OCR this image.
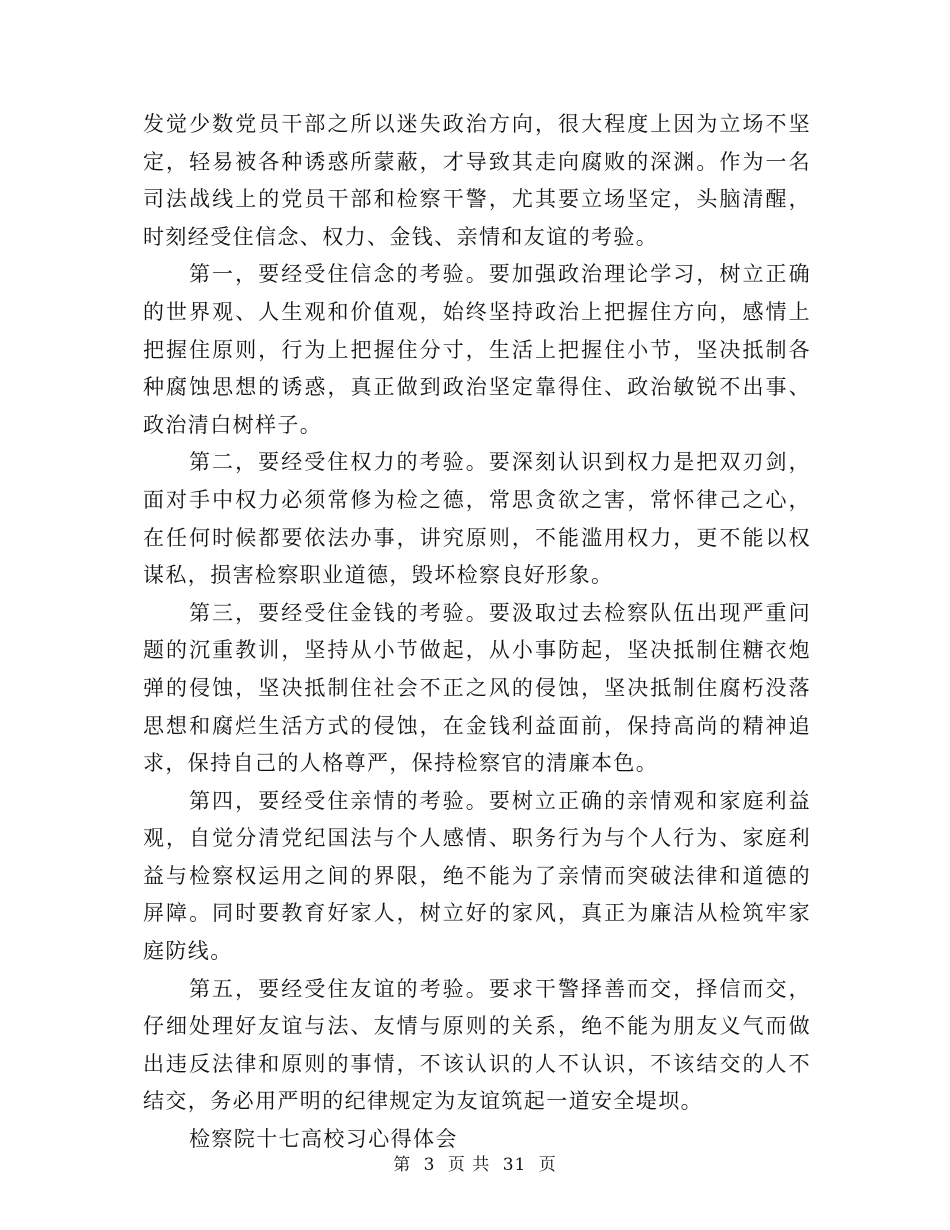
发觉少数党员干部之所以迷失政治方向，很大程度上因为立场不坚定，轻易被各种诱惑所蒙蔽，才导致其走向腐败的深渊。作为一名司法战线上的党员干部和检察干警，尤其要立场坚定，头脑清醒，时刻经受住信念、权力、金钱、亲情和友谊的考验。

第一，要经受住信念的考验。要加强政治理论学习，树立正确的世界观、人生观和价值观，始终坚持政治上把握住方向，感情上把握住原则，行为上把握住分寸，生活上把握住小节，坚决抵制各种腐蚀思想的诱惑，真正做到政治坚定靠得住、政治敏锐不出事、政治清白树样子。

第二，要经受住权力的考验。要深刻认识到权力是把双刃剑，面对手中权力必须常修为检之德，常思贪欲之害，常怀律己之心，在任何时候都要依法办事，讲究原则，不能滥用权力，更不能以权谋私，损害检察职业道德，毁坏检察良好形象。

第三，要经受住金钱的考验。要汲取过去检察队伍出现严重问题的沉重教训，坚持从小节做起，从小事防起，坚决抵制住糖衣炮弹的侵蚀，坚决抵制住社会不正之风的侵蚀，坚决抵制住腐朽没落思想和腐烂生活方式的侵蚀，在金钱利益面前，保持高尚的精神追求，保持自己的人格尊严，保持检察官的清廉本色。

第四，要经受住亲情的考验。要树立正确的亲情观和家庭利益观，自觉分清党纪国法与个人感情、职务行为与个人行为、家庭利益与检察权运用之间的界限，绝不能为了亲情而突破法律和道德的屏障。同时要教育好家人，树立好的家风，真正为廉洁从检筑牢家庭防线。

第五，要经受住友谊的考验。要求干警择善而交，择信而交，仔细处理好友谊与法、友情与原则的关系，绝不能为朋友义气而做出违反法律和原则的事情，不该认识的人不认识，不该结交的人不结交，务必用严明的纪律规定为友谊筑起一道安全堤坝。

检察院十七高校习心得体会

第 3 页 共 31 页
